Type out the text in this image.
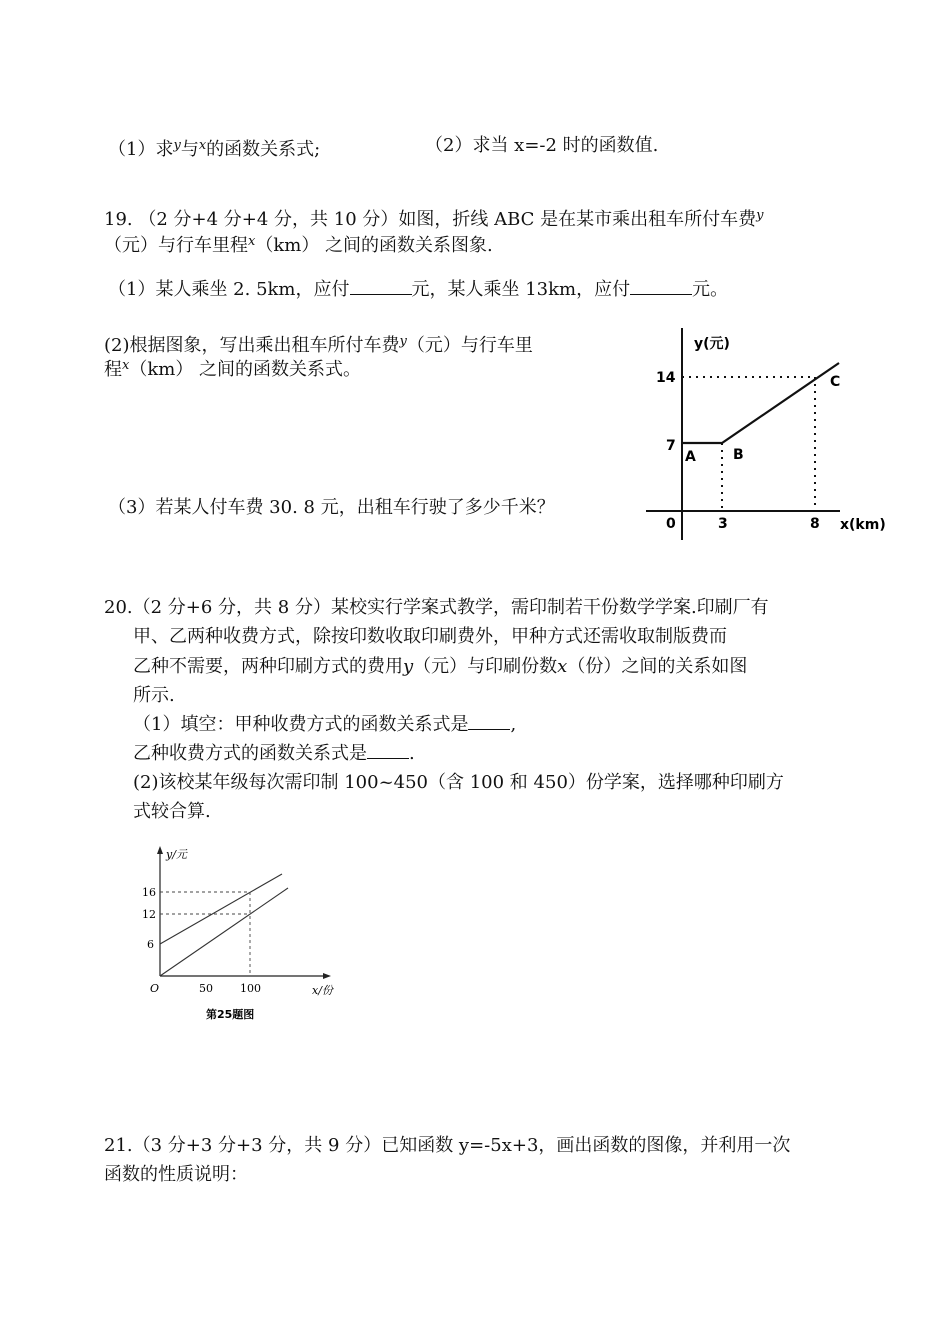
（1）求$^y$与$^x$的函数关系式;	（2）求当 x=-2 时的函数值.
19. （2 分+4 分+4 分，共 10 分）如图，折线 ABC 是在某市乘出租车所付车费$^y$
（元）与行车里程$^x$（km） 之间的函数关系图象.
（1）某人乘坐 2. 5km，应付	元，某人乘坐 13km，应付	元。
(2)根据图象，写出乘出租车所付车费$^y$（元）与行车里
程$^x$（km） 之间的函数关系式。
（3）若某人付车费 30. 8 元，出租车行驶了多少千米？
y(元)
x(km)
0	3	8
7
14
A	B
C
20.（2 分+6 分，共 8 分）某校实行学案式教学，需印制若干份数学学案.印刷厂有
甲、乙两种收费方式，除按印数收取印刷费外，甲种方式还需收取制版费而
乙种不需要，两种印刷方式的费用y（元）与印刷份数x（份）之间的关系如图
所示.
（1）填空：甲种收费方式的函数关系式是 ,
乙种收费方式的函数关系式是 .
(2)该校某年级每次需印制 100~450（含 100 和 450）份学案，选择哪种印刷方
式较合算.
y/元
x/份
O	50 100
6
12
16
第25题图
21.（3 分+3 分+3 分，共 9 分）已知函数 y=-5x+3，画出函数的图像，并利用一次
函数的性质说明：
